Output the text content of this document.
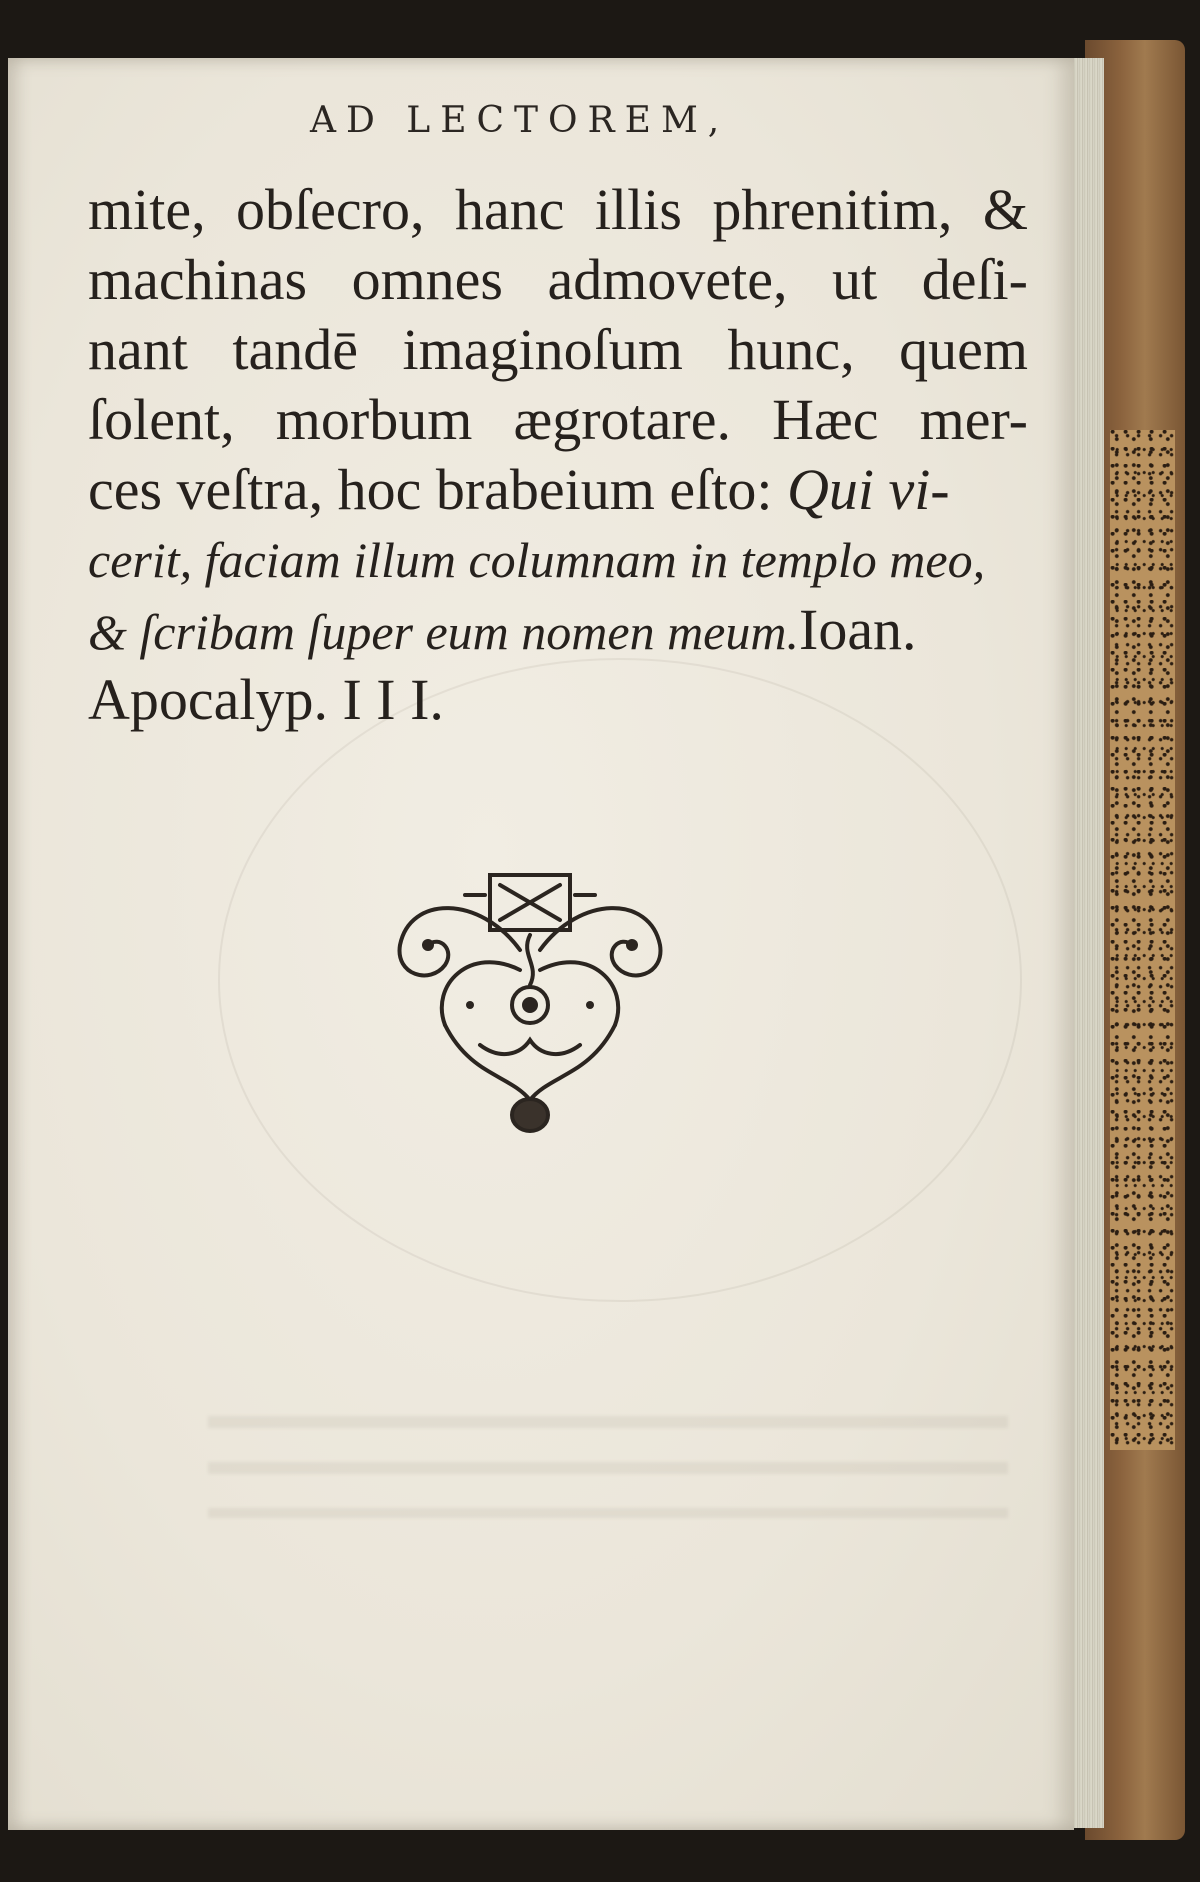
AD LECTOREM,
mite, obſecro, hanc illis phrenitim, &
machinas omnes admovete, ut deſi-
nant tandē imaginoſum hunc, quem
ſolent, morbum ægrotare. Hæc mer-
ces veſtra, hoc brabeium eſto: Qui vi-
cerit, faciam illum columnam in templo meo,
& ſcribam ſuper eum nomen meum.Ioan.
Apocalyp. I I I.
